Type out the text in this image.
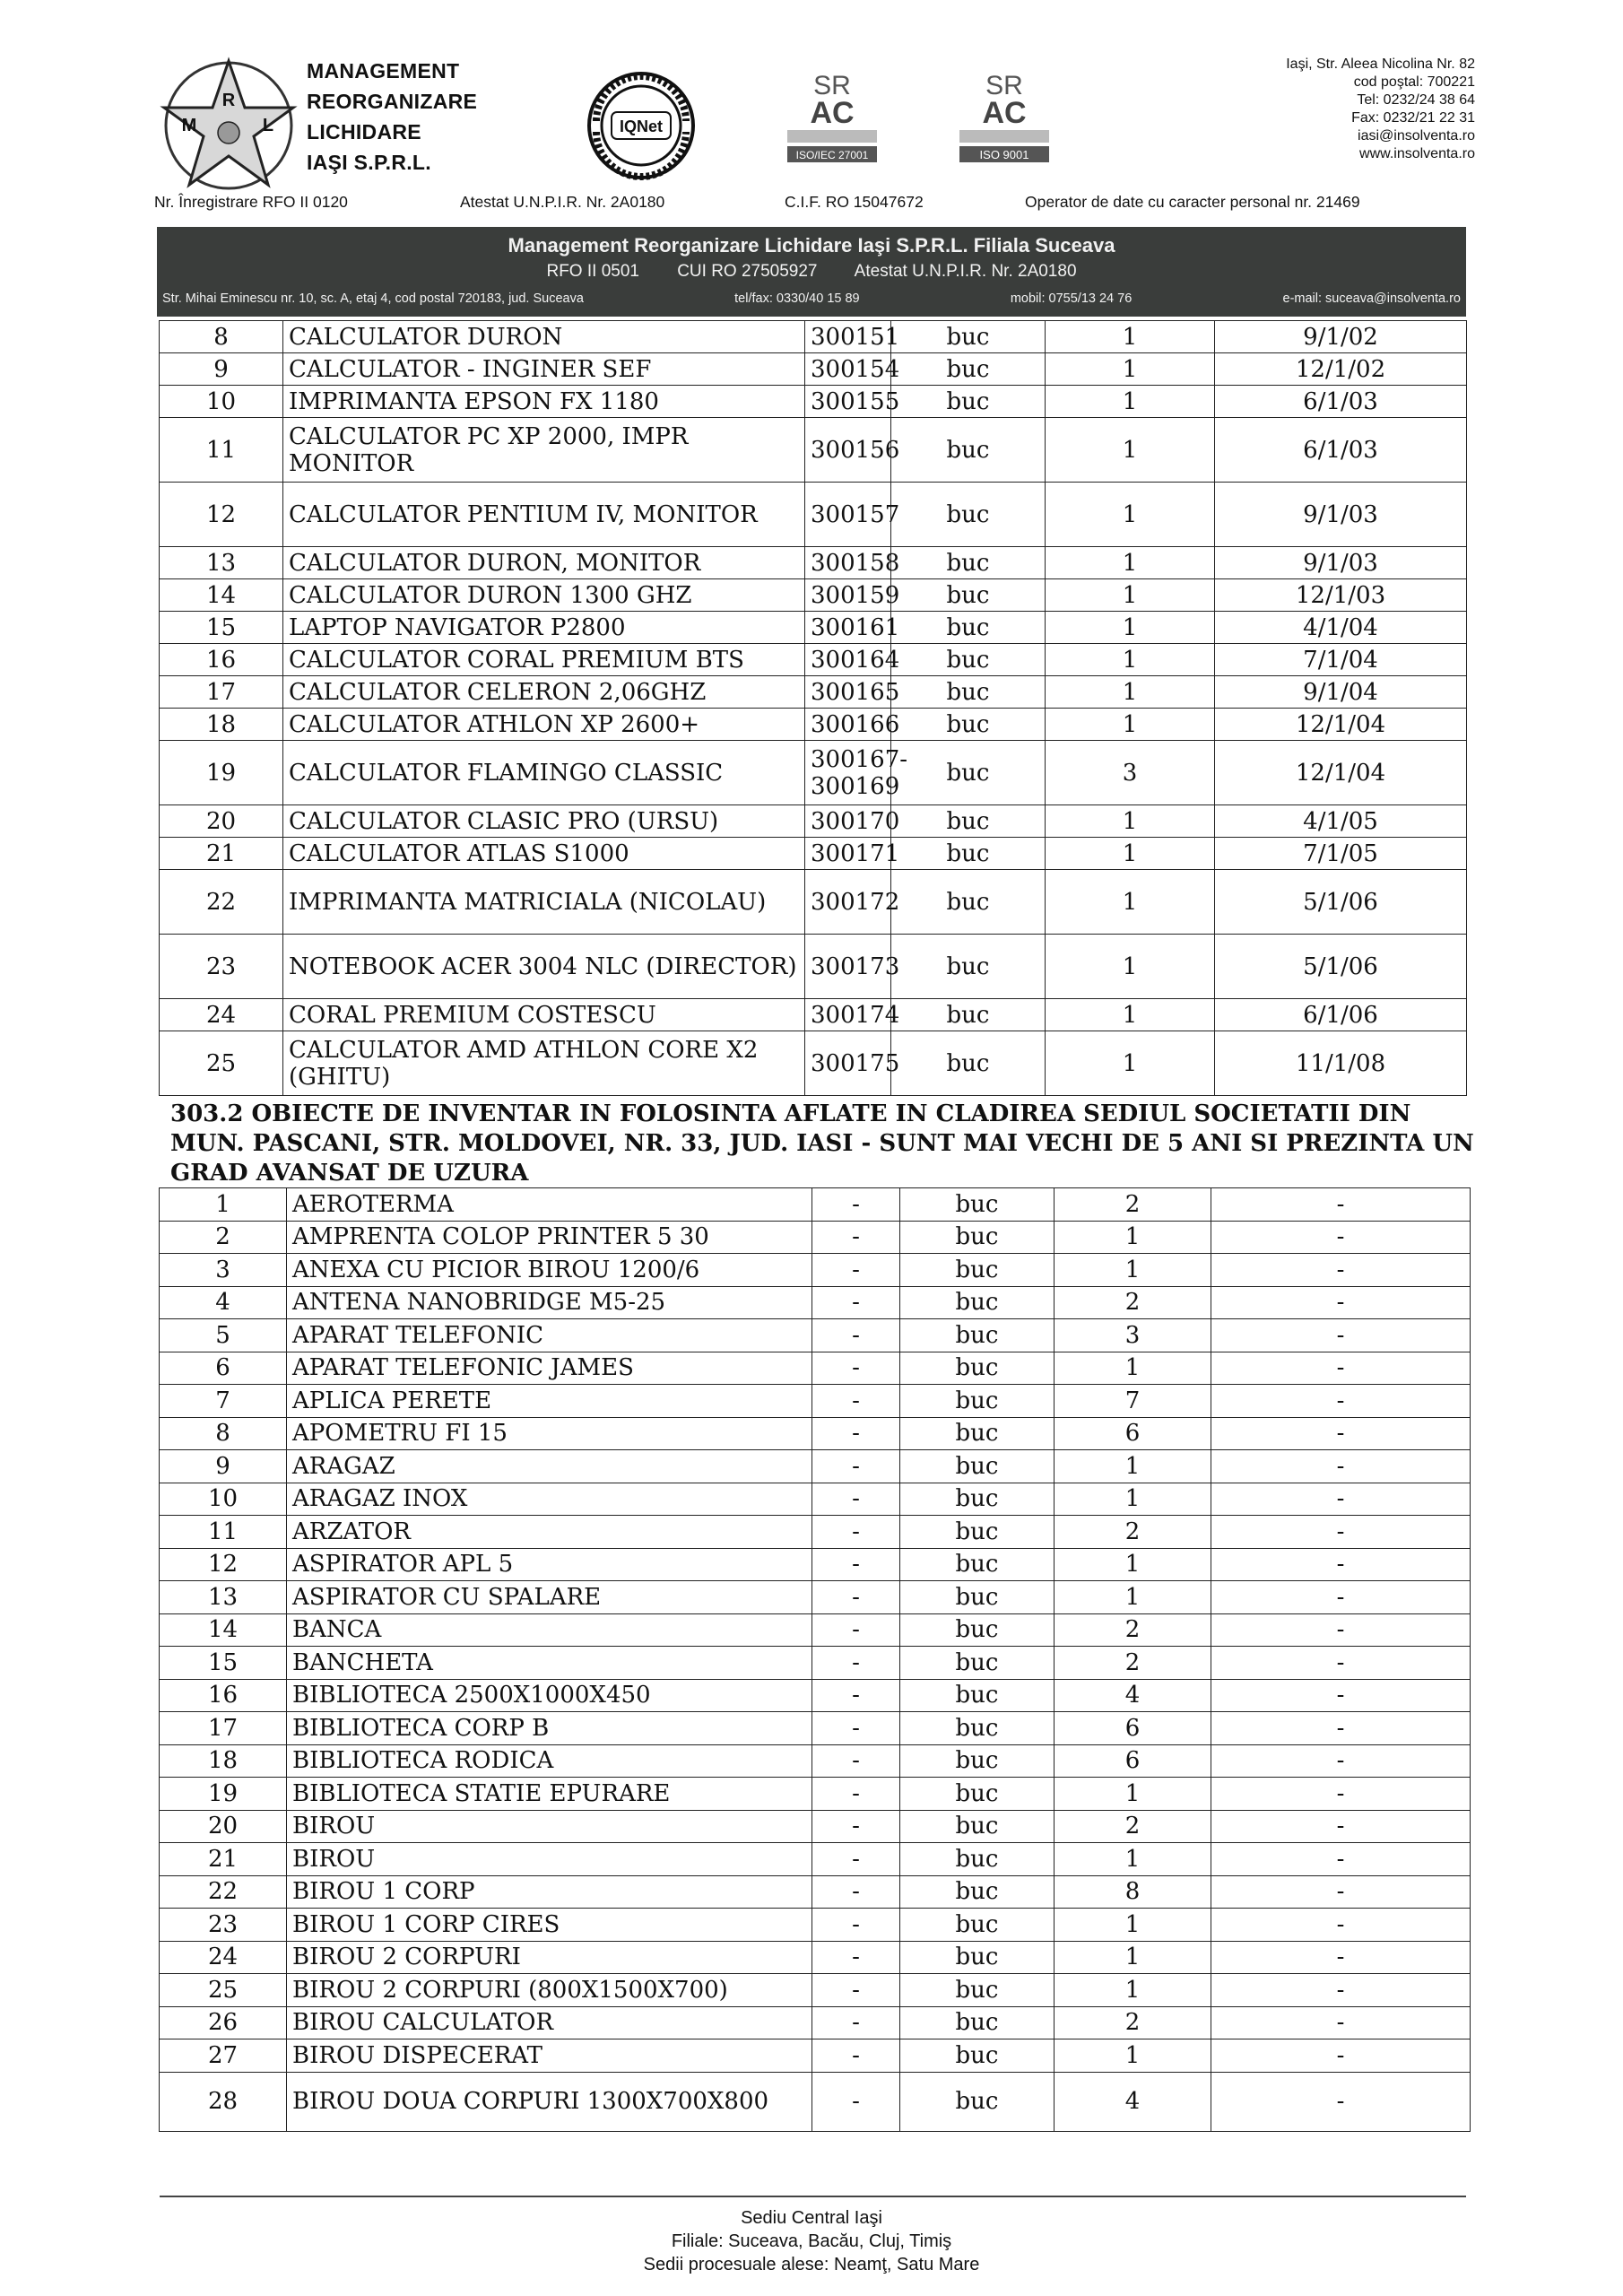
R
M	L
MANAGEMENT
REORGANIZARE
LICHIDARE
IAŞI S.P.R.L.
IQNet
SR
AC
ISO/IEC 27001
SR
AC
ISO 9001
Iaşi, Str. Aleea Nicolina Nr. 82
cod poştal: 700221
Tel: 0232/24 38 64
Fax: 0232/21 22 31
iasi@insolventa.ro
www.insolventa.ro
Nr. Înregistrare RFO II 0120	Atestat U.N.P.I.R. Nr. 2A0180	C.I.F. RO 15047672	Operator de date cu caracter personal nr. 21469
Management Reorganizare Lichidare Iaşi S.P.R.L. Filiala Suceava
RFO II 0501        CUI RO 27505927        Atestat U.N.P.I.R. Nr. 2A0180
Str. Mihai Eminescu nr. 10, sc. A, etaj 4, cod postal 720183, jud. Suceava	tel/fax: 0330/40 15 89	mobil: 0755/13 24 76	e-mail: suceava@insolventa.ro
8	CALCULATOR DURON	300151	buc	1	9/1/02
9	CALCULATOR - INGINER SEF	300154	buc	1	12/1/02
10	IMPRIMANTA EPSON FX 1180	300155	buc	1	6/1/03
11	CALCULATOR PC XP 2000, IMPR MONITOR	300156	buc	1	6/1/03
12	CALCULATOR PENTIUM IV, MONITOR	300157	buc	1	9/1/03
13	CALCULATOR DURON, MONITOR	300158	buc	1	9/1/03
14	CALCULATOR DURON 1300 GHZ	300159	buc	1	12/1/03
15	LAPTOP NAVIGATOR P2800	300161	buc	1	4/1/04
16	CALCULATOR CORAL PREMIUM BTS	300164	buc	1	7/1/04
17	CALCULATOR CELERON 2,06GHZ	300165	buc	1	9/1/04
18	CALCULATOR ATHLON XP 2600+	300166	buc	1	12/1/04
19	CALCULATOR FLAMINGO CLASSIC	300167-300169	buc	3	12/1/04
20	CALCULATOR CLASIC PRO (URSU)	300170	buc	1	4/1/05
21	CALCULATOR ATLAS S1000	300171	buc	1	7/1/05
22	IMPRIMANTA MATRICIALA (NICOLAU)	300172	buc	1	5/1/06
23	NOTEBOOK ACER 3004 NLC (DIRECTOR)	300173	buc	1	5/1/06
24	CORAL PREMIUM COSTESCU	300174	buc	1	6/1/06
25	CALCULATOR AMD ATHLON CORE X2 (GHITU)	300175	buc	1	11/1/08
303.2 OBIECTE DE INVENTAR IN FOLOSINTA AFLATE IN CLADIREA SEDIUL SOCIETATII DIN MUN. PASCANI, STR. MOLDOVEI, NR. 33, JUD. IASI - SUNT MAI VECHI DE 5 ANI SI PREZINTA UN GRAD AVANSAT DE UZURA
1	AEROTERMA	-	buc	2	-
2	AMPRENTA COLOP PRINTER 5 30	-	buc	1	-
3	ANEXA CU PICIOR BIROU 1200/6	-	buc	1	-
4	ANTENA NANOBRIDGE M5-25	-	buc	2	-
5	APARAT TELEFONIC	-	buc	3	-
6	APARAT TELEFONIC JAMES	-	buc	1	-
7	APLICA PERETE	-	buc	7	-
8	APOMETRU FI 15	-	buc	6	-
9	ARAGAZ	-	buc	1	-
10	ARAGAZ INOX	-	buc	1	-
11	ARZATOR	-	buc	2	-
12	ASPIRATOR APL 5	-	buc	1	-
13	ASPIRATOR CU SPALARE	-	buc	1	-
14	BANCA	-	buc	2	-
15	BANCHETA	-	buc	2	-
16	BIBLIOTECA 2500X1000X450	-	buc	4	-
17	BIBLIOTECA CORP B	-	buc	6	-
18	BIBLIOTECA RODICA	-	buc	6	-
19	BIBLIOTECA STATIE EPURARE	-	buc	1	-
20	BIROU	-	buc	2	-
21	BIROU	-	buc	1	-
22	BIROU 1 CORP	-	buc	8	-
23	BIROU 1 CORP CIRES	-	buc	1	-
24	BIROU 2 CORPURI	-	buc	1	-
25	BIROU 2 CORPURI (800X1500X700)	-	buc	1	-
26	BIROU CALCULATOR	-	buc	2	-
27	BIROU DISPECERAT	-	buc	1	-
28	BIROU DOUA CORPURI 1300X700X800	-	buc	4	-
Sediu Central Iaşi
Filiale: Suceava, Bacău, Cluj, Timiş
Sedii procesuale alese: Neamţ, Satu Mare
